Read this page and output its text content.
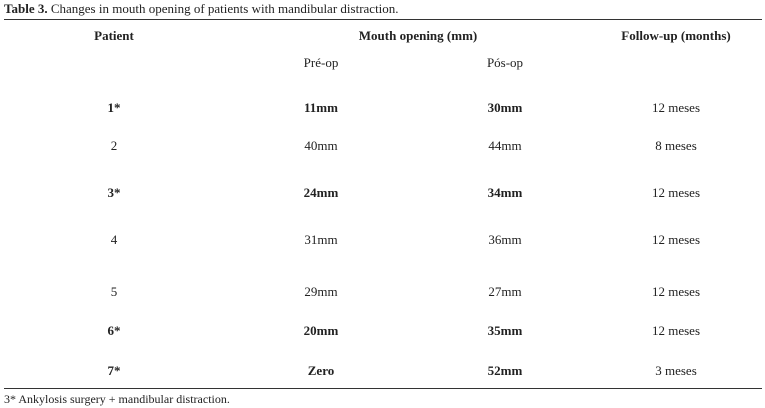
Table 3. Changes in mouth opening of patients with mandibular distraction.
Patient	Mouth opening (mm)	Follow-up (months)
Pré-op	Pós-op
1*	11mm	30mm	12 meses
2	40mm	44mm	8 meses
3*	24mm	34mm	12 meses
4	31mm	36mm	12 meses
5	29mm	27mm	12 meses
6*	20mm	35mm	12 meses
7*	Zero	52mm	3 meses
3* Ankylosis surgery + mandibular distraction.
